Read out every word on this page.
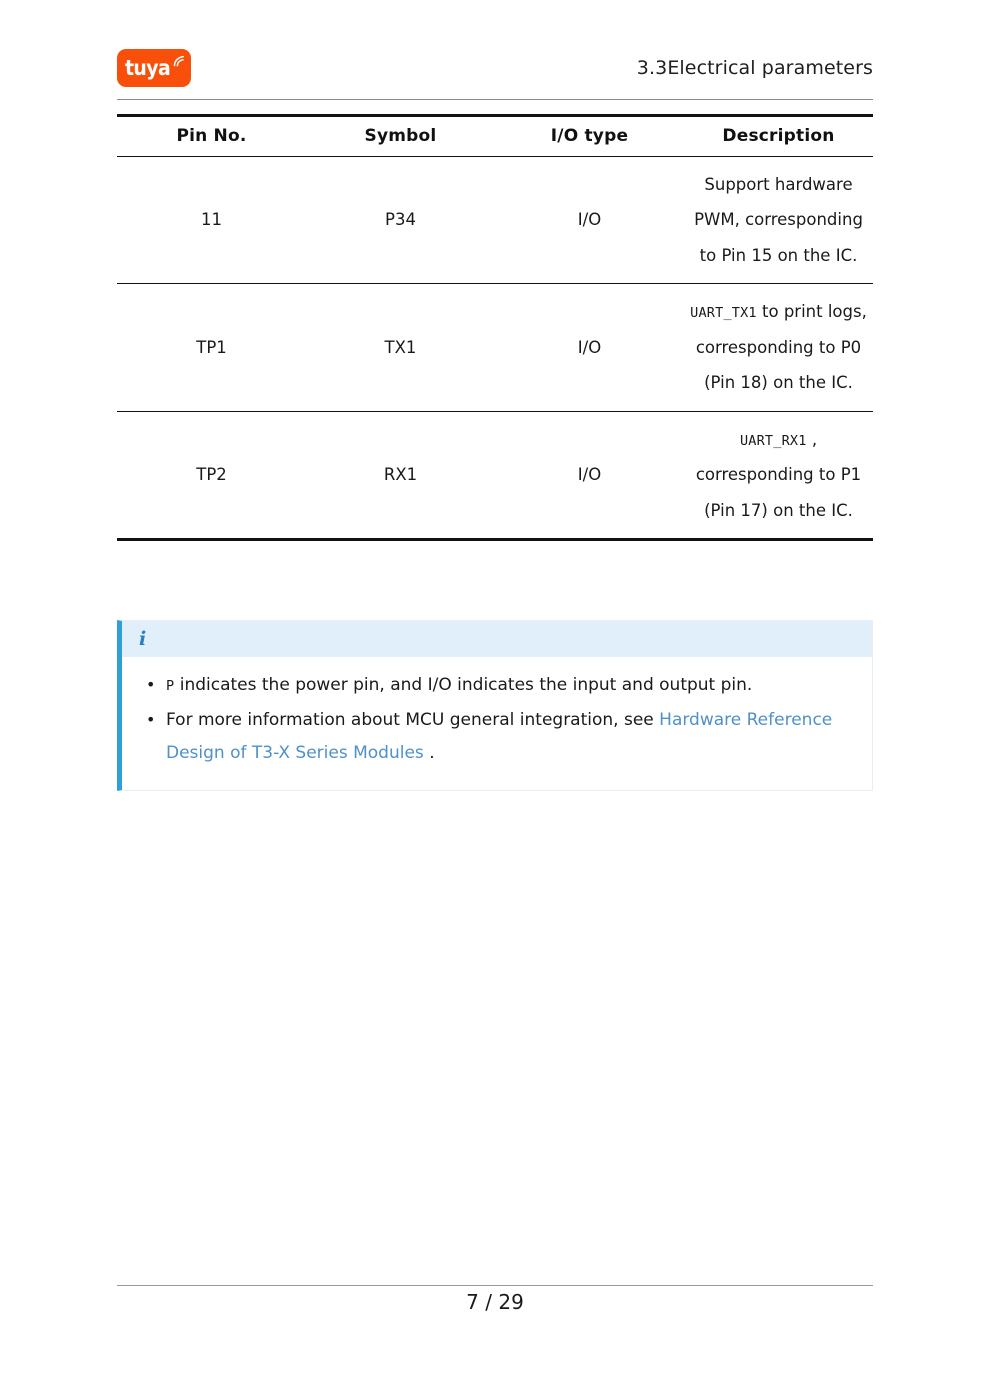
tuya	3.3Electrical parameters
Pin No.	Symbol	I/O type	Description
11	P34	I/O	Support hardware PWM, corresponding to Pin 15 on the IC.
TP1	TX1	I/O	UART_TX1 to print logs, corresponding to P0 (Pin 18) on the IC.
TP2	RX1	I/O	UART_RX1 , corresponding to P1 (Pin 17) on the IC.
i
• P indicates the power pin, and I/O indicates the input and output pin.
• For more information about MCU general integration, see Hardware Reference Design of T3-X Series Modules .
7 / 29
